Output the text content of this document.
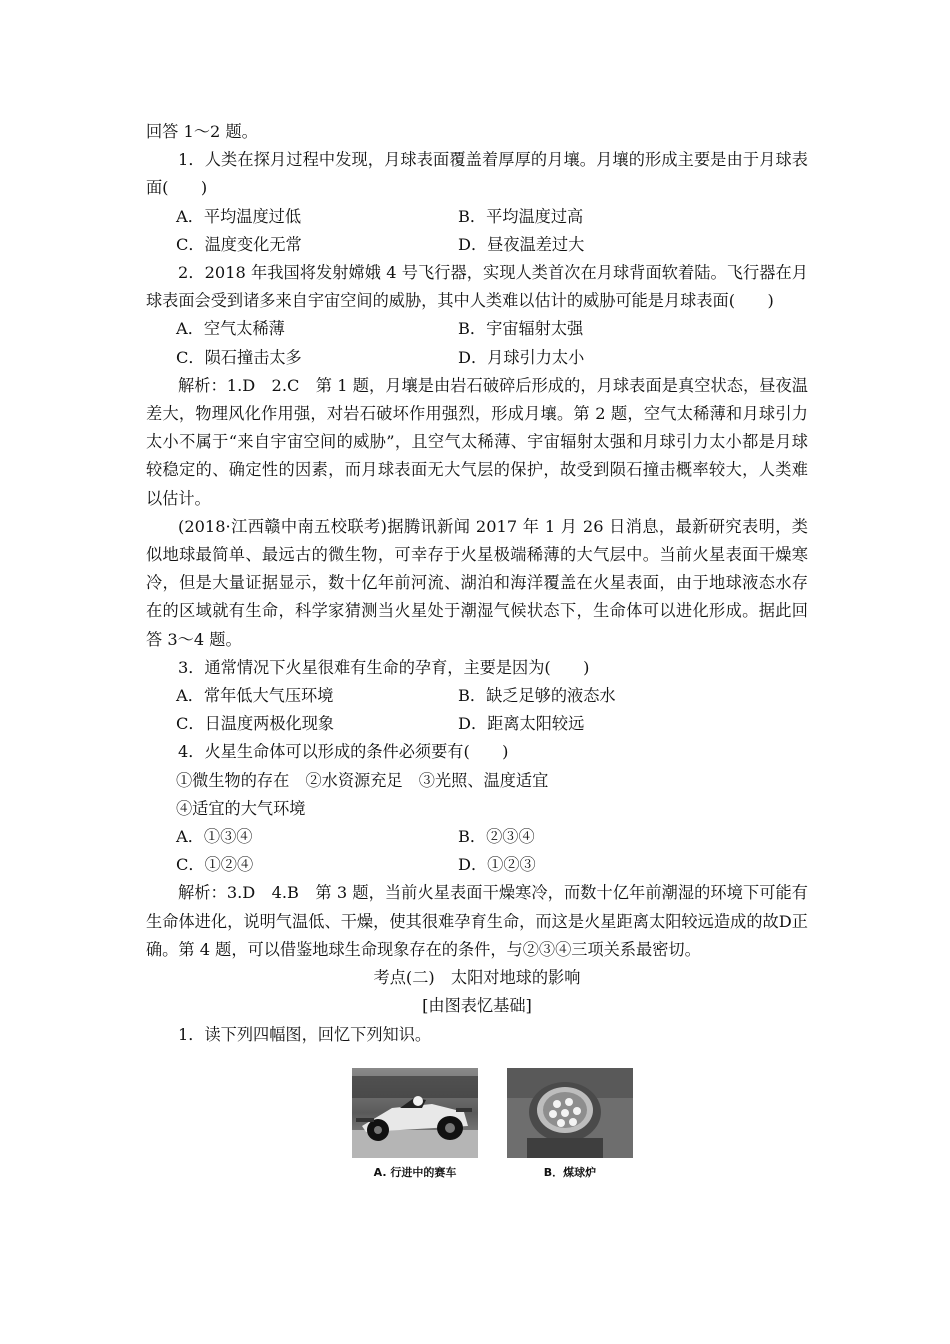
回答 1～2 题。

1．人类在探月过程中发现，月球表面覆盖着厚厚的月壤。月壤的形成主要是由于月球表面(　　)

A．平均温度过低	B．平均温度过高
C．温度变化无常	D．昼夜温差过大

2．2018 年我国将发射嫦娥 4 号飞行器，实现人类首次在月球背面软着陆。飞行器在月球表面会受到诸多来自宇宙空间的威胁，其中人类难以估计的威胁可能是月球表面(　　)

A．空气太稀薄	B．宇宙辐射太强
C．陨石撞击太多	D．月球引力太小

解析：1.D　2.C　第 1 题，月壤是由岩石破碎后形成的，月球表面是真空状态，昼夜温差大，物理风化作用强，对岩石破坏作用强烈，形成月壤。第 2 题，空气太稀薄和月球引力太小不属于“来自宇宙空间的威胁”，且空气太稀薄、宇宙辐射太强和月球引力太小都是月球较稳定的、确定性的因素，而月球表面无大气层的保护，故受到陨石撞击概率较大，人类难以估计。

(2018·江西赣中南五校联考)据腾讯新闻 2017 年 1 月 26 日消息，最新研究表明，类似地球最简单、最远古的微生物，可幸存于火星极端稀薄的大气层中。当前火星表面干燥寒冷，但是大量证据显示，数十亿年前河流、湖泊和海洋覆盖在火星表面，由于地球液态水存在的区域就有生命，科学家猜测当火星处于潮湿气候状态下，生命体可以进化形成。据此回答 3～4 题。

3．通常情况下火星很难有生命的孕育，主要是因为(　　)

A．常年低大气压环境	B．缺乏足够的液态水
C．日温度两极化现象	D．距离太阳较远

4．火星生命体可以形成的条件必须要有(　　)

①微生物的存在　②水资源充足　③光照、温度适宜

④适宜的大气环境

A．①③④	B．②③④
C．①②④	D．①②③

解析：3.D　4.B　第 3 题，当前火星表面干燥寒冷，而数十亿年前潮湿的环境下可能有生命体进化，说明气温低、干燥，使其很难孕育生命，而这是火星距离太阳较远造成的故D正确。第 4 题，可以借鉴地球生命现象存在的条件，与②③④三项关系最密切。

考点(二)　太阳对地球的影响

[由图表忆基础]

1．读下列四幅图，回忆下列知识。

A. 行进中的赛车	B．煤球炉
